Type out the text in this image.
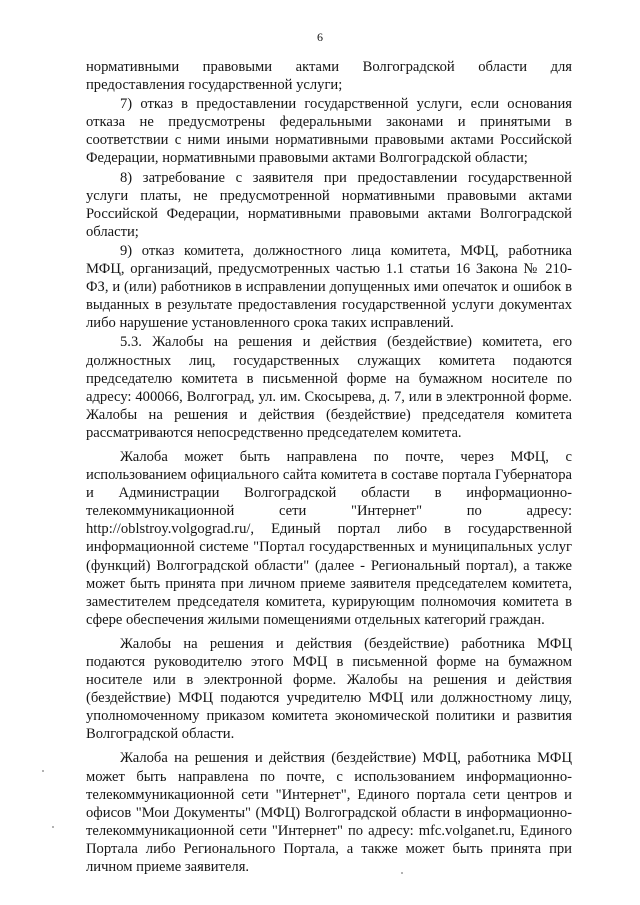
6

нормативными правовыми актами Волгоградской области для предоставления государственной услуги;

7) отказ в предоставлении государственной услуги, если основания отказа не предусмотрены федеральными законами и принятыми в соответствии с ними иными нормативными правовыми актами Российской Федерации, нормативными правовыми актами Волгоградской области;

8) затребование с заявителя при предоставлении государственной услуги платы, не предусмотренной нормативными правовыми актами Российской Федерации, нормативными правовыми актами Волгоградской области;

9) отказ комитета, должностного лица комитета, МФЦ, работника МФЦ, организаций, предусмотренных частью 1.1 статьи 16 Закона № 210-ФЗ, и (или) работников в исправлении допущенных ими опечаток и ошибок в выданных в результате предоставления государственной услуги документах либо нарушение установленного срока таких исправлений.

5.3. Жалобы на решения и действия (бездействие) комитета, его должностных лиц, государственных служащих комитета подаются председателю комитета в письменной форме на бумажном носителе по адресу: 400066, Волгоград, ул. им. Скосырева, д. 7, или в электронной форме. Жалобы на решения и действия (бездействие) председателя комитета рассматриваются непосредственно председателем комитета.

Жалоба может быть направлена по почте, через МФЦ, с использованием официального сайта комитета в составе портала Губернатора и Администрации Волгоградской области в информационно-телекоммуникационной сети "Интернет" по адресу: http://oblstroy.volgograd.ru/, Единый портал либо в государственной информационной системе "Портал государственных и муниципальных услуг (функций) Волгоградской области" (далее - Региональный портал), а также может быть принята при личном приеме заявителя председателем комитета, заместителем председателя комитета, курирующим полномочия комитета в сфере обеспечения жилыми помещениями отдельных категорий граждан.

Жалобы на решения и действия (бездействие) работника МФЦ подаются руководителю этого МФЦ в письменной форме на бумажном носителе или в электронной форме. Жалобы на решения и действия (бездействие) МФЦ подаются учредителю МФЦ или должностному лицу, уполномоченному приказом комитета экономической политики и развития Волгоградской области.

Жалоба на решения и действия (бездействие) МФЦ, работника МФЦ может быть направлена по почте, с использованием информационно-телекоммуникационной сети "Интернет", Единого портала сети центров и офисов "Мои Документы" (МФЦ) Волгоградской области в информационно-телекоммуникационной сети "Интернет" по адресу: mfc.volganet.ru, Единого Портала либо Регионального Портала, а также может быть принята при личном приеме заявителя.
